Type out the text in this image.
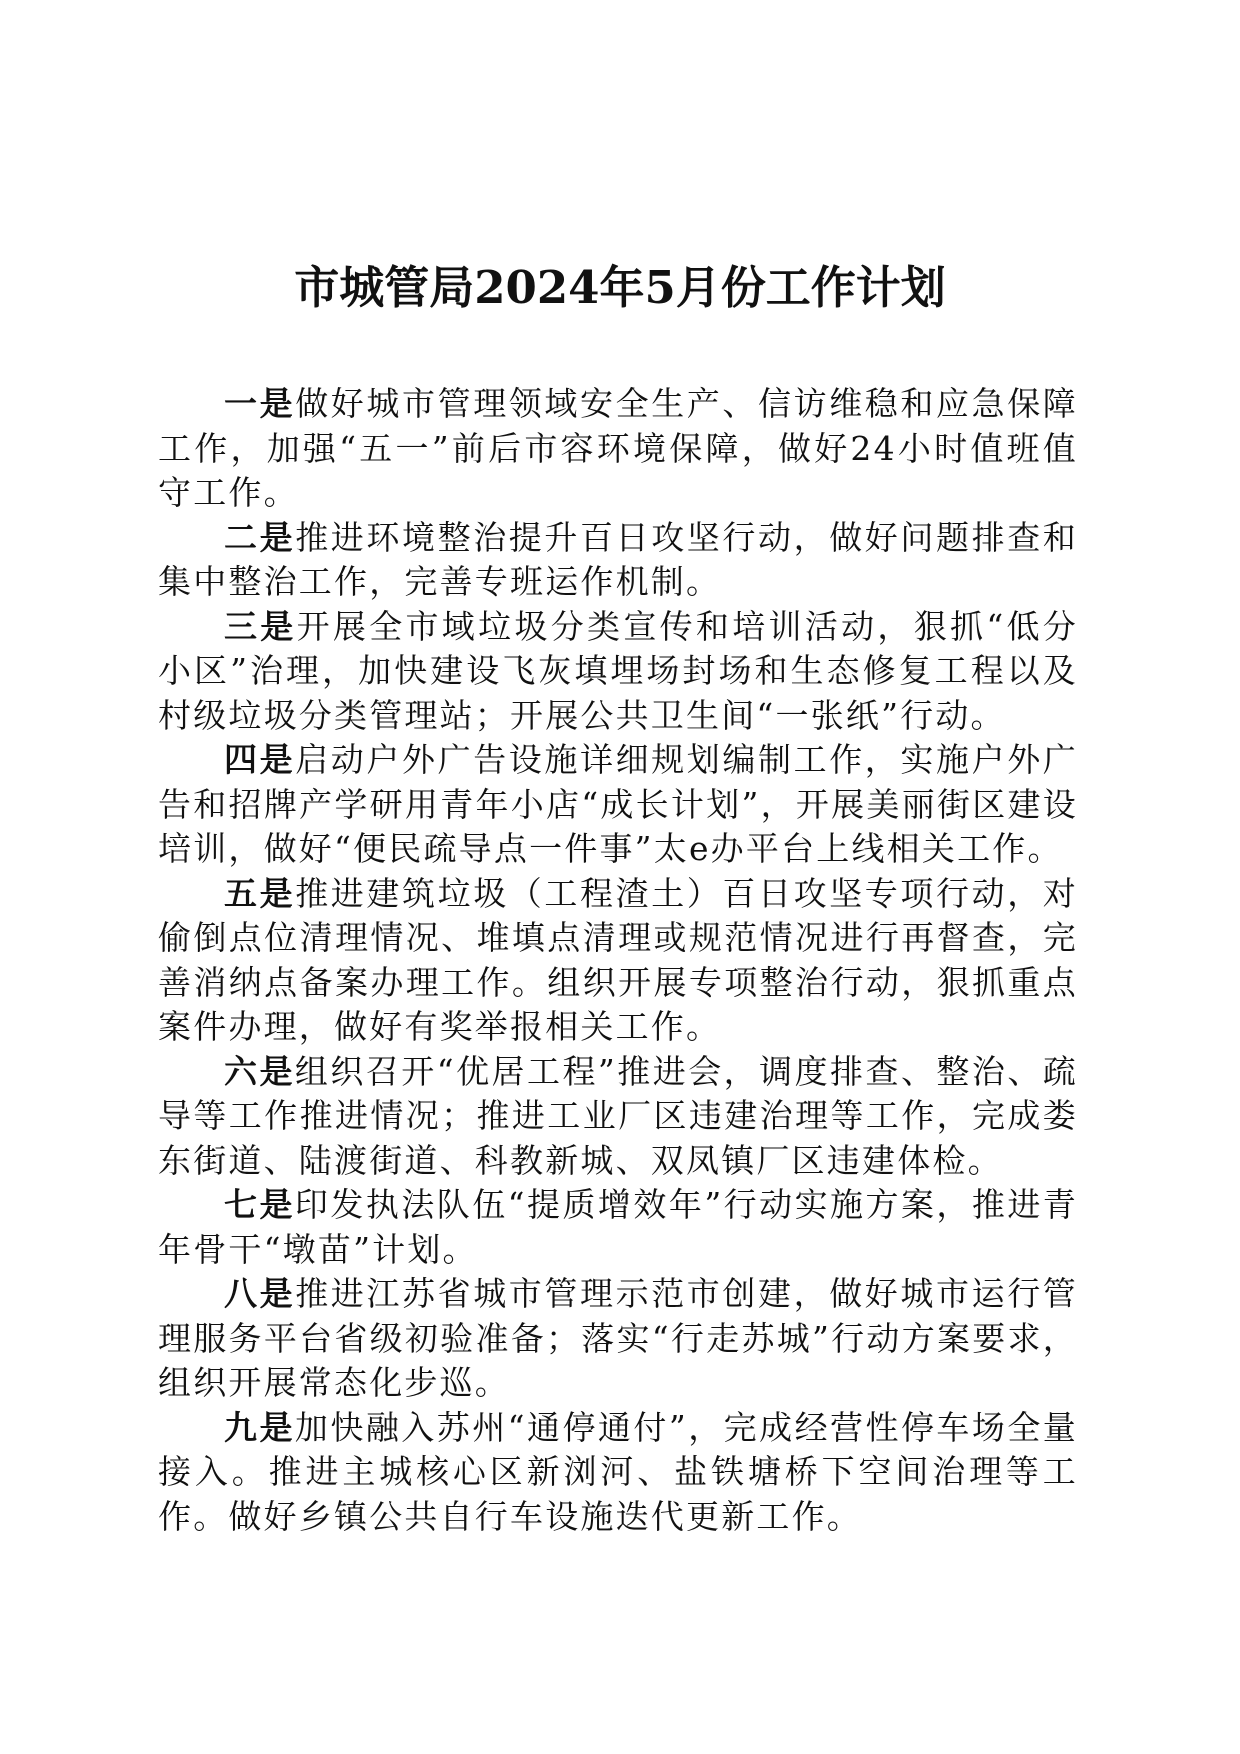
市城管局2024年5月份工作计划

一是做好城市管理领域安全生产、信访维稳和应急保障工作，加强“五一”前后市容环境保障，做好24小时值班值守工作。

二是推进环境整治提升百日攻坚行动，做好问题排查和集中整治工作，完善专班运作机制。

三是开展全市域垃圾分类宣传和培训活动，狠抓“低分小区”治理，加快建设飞灰填埋场封场和生态修复工程以及村级垃圾分类管理站；开展公共卫生间“一张纸”行动。

四是启动户外广告设施详细规划编制工作，实施户外广告和招牌产学研用青年小店“成长计划”，开展美丽街区建设培训，做好“便民疏导点一件事”太e办平台上线相关工作。

五是推进建筑垃圾（工程渣土）百日攻坚专项行动，对偷倒点位清理情况、堆填点清理或规范情况进行再督查，完善消纳点备案办理工作。组织开展专项整治行动，狠抓重点案件办理，做好有奖举报相关工作。

六是组织召开“优居工程”推进会，调度排查、整治、疏导等工作推进情况；推进工业厂区违建治理等工作，完成娄东街道、陆渡街道、科教新城、双凤镇厂区违建体检。

七是印发执法队伍“提质增效年”行动实施方案，推进青年骨干“墩苗”计划。

八是推进江苏省城市管理示范市创建，做好城市运行管理服务平台省级初验准备；落实“行走苏城”行动方案要求，组织开展常态化步巡。

九是加快融入苏州“通停通付”，完成经营性停车场全量接入。推进主城核心区新浏河、盐铁塘桥下空间治理等工作。做好乡镇公共自行车设施迭代更新工作。
